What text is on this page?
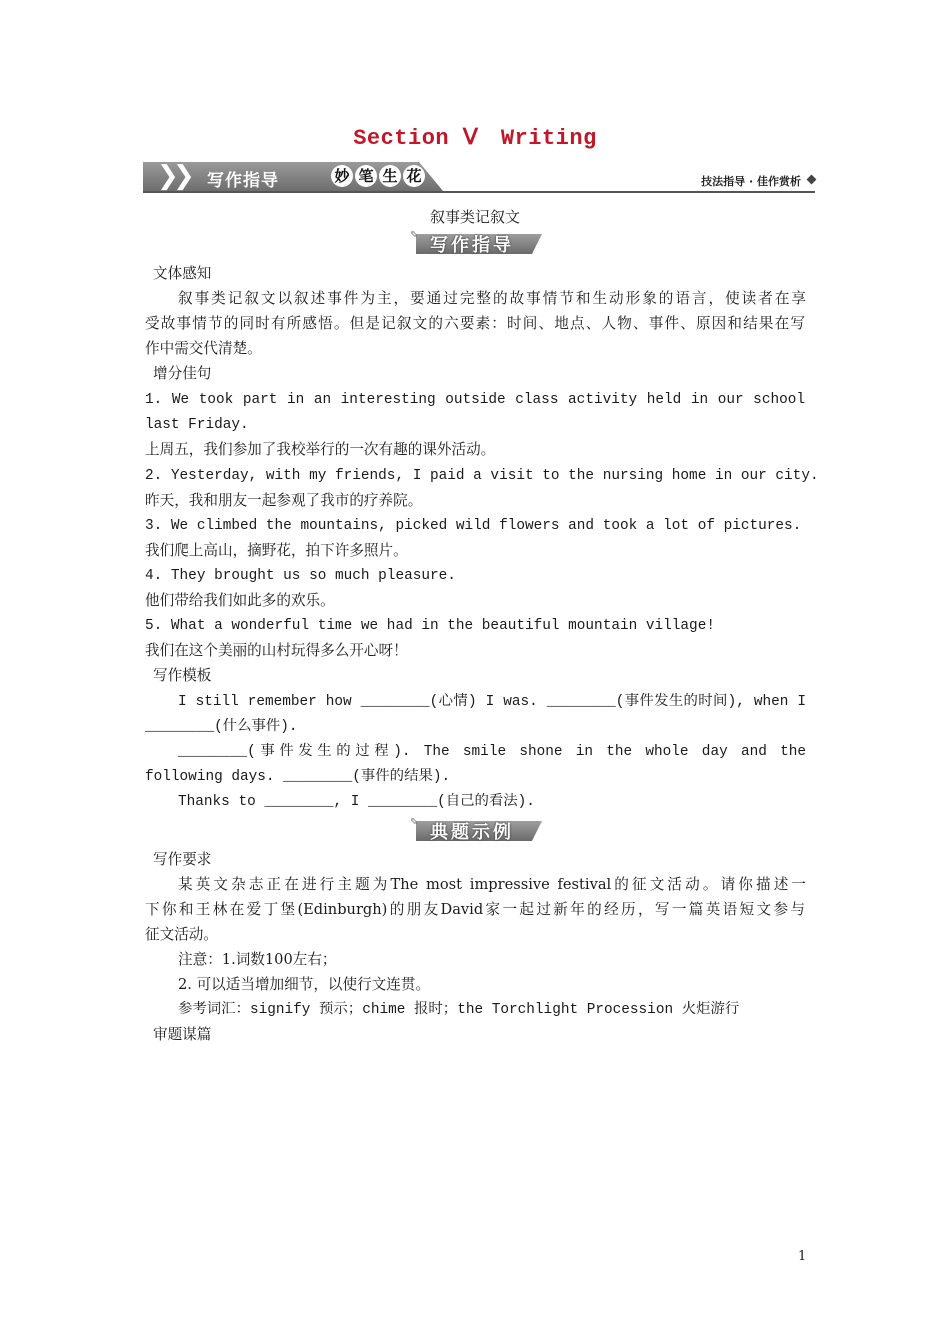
Section Ⅴ　Writing
❯
❯ 写作指导	妙 笔 生 花	技法指导 · 佳作赏析
叙事类记叙文
✎ 写作指导
文体感知
叙事类记叙文以叙述事件为主，要通过完整的故事情节和生动形象的语言，使读者在享
受故事情节的同时有所感悟。但是记叙文的六要素：时间、地点、人物、事件、原因和结果在写
作中需交代清楚。
增分佳句
1. We took part in an interesting outside class activity held in our school
last Friday.
上周五，我们参加了我校举行的一次有趣的课外活动。
2. Yesterday, with my friends, I paid a visit to the nursing home in our city.
昨天，我和朋友一起参观了我市的疗养院。
3. We climbed the mountains, picked wild flowers and took a lot of pictures.
我们爬上高山，摘野花，拍下许多照片。
4. They brought us so much pleasure.
他们带给我们如此多的欢乐。
5. What a wonderful time we had in the beautiful mountain village!
我们在这个美丽的山村玩得多么开心呀！
写作模板
I still remember how ________(心情) I was. ________(事件发生的时间), when I
________(什么事件).
________(事件发生的过程). The smile shone in the whole day and the
following days. ________(事件的结果).
Thanks to ________, I ________(自己的看法).
✎ 典题示例
写作要求
某英文杂志正在进行主题为The most impressive festival的征文活动。请你描述一
下你和王林在爱丁堡(Edinburgh)的朋友David家一起过新年的经历，写一篇英语短文参与
征文活动。
注意：1.词数100左右；
2. 可以适当增加细节，以使行文连贯。
参考词汇：signify 预示；chime 报时；the Torchlight Procession 火炬游行
审题谋篇
1
